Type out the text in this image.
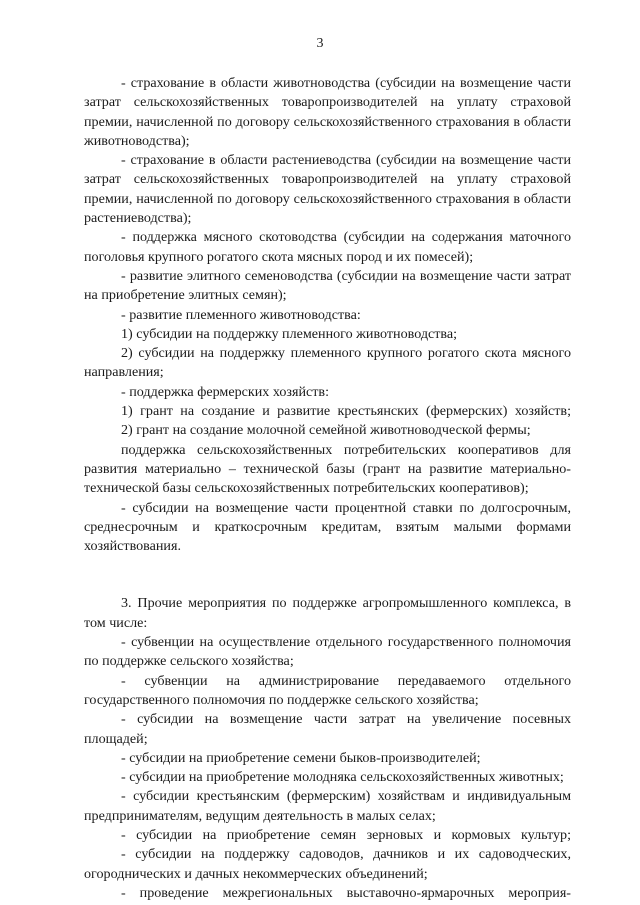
3

- страхование в области животноводства (субсидии на возмещение части затрат сельскохозяйственных товаропроизводителей на уплату страховой премии, начисленной по договору сельскохозяйственного страхования в области животноводства);

- страхование в области растениеводства (субсидии на возмещение части затрат сельскохозяйственных товаропроизводителей на уплату страховой премии, начисленной по договору сельскохозяйственного страхования в области растениеводства);

- поддержка мясного скотоводства (субсидии на содержания маточного поголовья крупного рогатого скота мясных пород и их помесей);

- развитие элитного семеноводства (субсидии на возмещение части затрат на приобретение элитных семян);

- развитие племенного животноводства:

1) субсидии на поддержку племенного животноводства;

2) субсидии на поддержку племенного крупного рогатого скота мясного направления;

- поддержка фермерских хозяйств:

1) грант на создание и развитие крестьянских (фермерских) хозяйств;

2) грант на создание молочной семейной животноводческой фермы;

поддержка сельскохозяйственных потребительских кооперативов для развития материально – технической базы (грант на развитие материально-технической базы сельскохозяйственных потребительских кооперативов);

- субсидии на возмещение части процентной ставки по долгосрочным, среднесрочным и краткосрочным кредитам, взятым малыми формами хозяйствования.

3. Прочие мероприятия по поддержке агропромышленного комплекса, в том числе:

- субвенции на осуществление отдельного государственного полномочия по поддержке сельского хозяйства;

- субвенции на администрирование передаваемого отдельного государственного полномочия по поддержке сельского хозяйства;

- субсидии на возмещение части затрат на увеличение посевных площадей;

- субсидии на приобретение семени быков-производителей;

- субсидии на приобретение молодняка сельскохозяйственных животных;

- субсидии крестьянским (фермерским) хозяйствам и индивидуальным предпринимателям, ведущим деятельность в малых селах;

- субсидии на приобретение семян зерновых и кормовых культур;

- субсидии на поддержку садоводов, дачников и их садоводческих, огороднических и дачных некоммерческих объединений;

- проведение межрегиональных выставочно-ярмарочных мероприя-
